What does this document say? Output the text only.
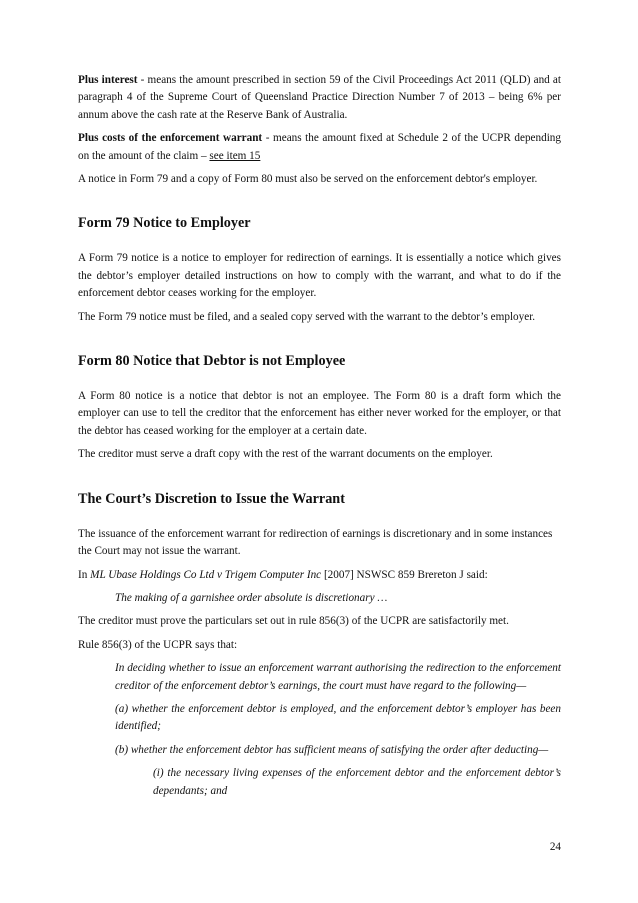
Plus interest - means the amount prescribed in section 59 of the Civil Proceedings Act 2011 (QLD) and at paragraph 4 of the Supreme Court of Queensland Practice Direction Number 7 of 2013 – being 6% per annum above the cash rate at the Reserve Bank of Australia.

Plus costs of the enforcement warrant - means the amount fixed at Schedule 2 of the UCPR depending on the amount of the claim – see item 15

A notice in Form 79 and a copy of Form 80 must also be served on the enforcement debtor's employer.

Form 79 Notice to Employer

A Form 79 notice is a notice to employer for redirection of earnings. It is essentially a notice which gives the debtor’s employer detailed instructions on how to comply with the warrant, and what to do if the enforcement debtor ceases working for the employer.

The Form 79 notice must be filed, and a sealed copy served with the warrant to the debtor’s employer.

Form 80 Notice that Debtor is not Employee

A Form 80 notice is a notice that debtor is not an employee. The Form 80 is a draft form which the employer can use to tell the creditor that the enforcement has either never worked for the employer, or that the debtor has ceased working for the employer at a certain date.

The creditor must serve a draft copy with the rest of the warrant documents on the employer.

The Court’s Discretion to Issue the Warrant

The issuance of the enforcement warrant for redirection of earnings is discretionary and in some instances the Court may not issue the warrant.

In ML Ubase Holdings Co Ltd v Trigem Computer Inc [2007] NSWSC 859 Brereton J said:

The making of a garnishee order absolute is discretionary …

The creditor must prove the particulars set out in rule 856(3) of the UCPR are satisfactorily met.

Rule 856(3) of the UCPR says that:

In deciding whether to issue an enforcement warrant authorising the redirection to the enforcement creditor of the enforcement debtor’s earnings, the court must have regard to the following—

(a) whether the enforcement debtor is employed, and the enforcement debtor’s employer has been identified;

(b) whether the enforcement debtor has sufficient means of satisfying the order after deducting—

(i) the necessary living expenses of the enforcement debtor and the enforcement debtor’s dependants; and

24
